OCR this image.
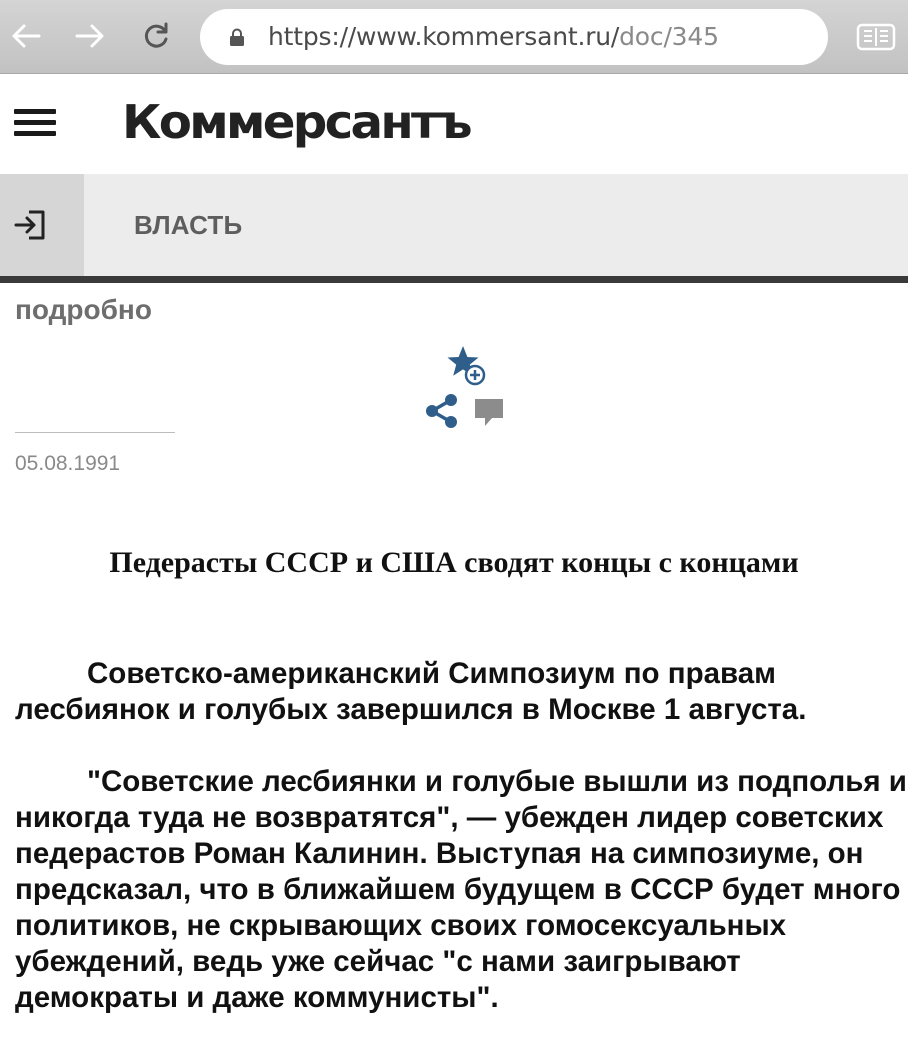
https://www.kommersant.ru/doc/345
Коммерсантъ
ВЛАСТЬ
подробно
05.08.1991
Педерасты СССР и США сводят концы с концами

Советско-американский Симпозиум по правам лесбиянок и голубых завершился в Москве 1 августа.

"Советские лесбиянки и голубые вышли из подполья и никогда туда не возвратятся", — убежден лидер советских педерастов Роман Калинин. Выступая на симпозиуме, он предсказал, что в ближайшем будущем в СССР будет много политиков, не скрывающих своих гомосексуальных убеждений, ведь уже сейчас "с нами заигрывают демократы и даже коммунисты".
